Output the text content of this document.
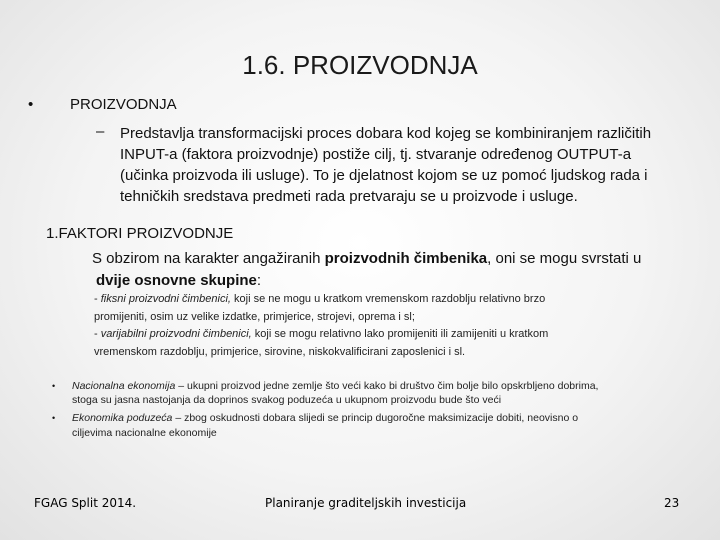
1.6. PROIZVODNJA
• PROIZVODNJA
– Predstavlja transformacijski proces dobara kod kojeg se kombiniranjem različitih
INPUT-a (faktora proizvodnje) postiže cilj, tj. stvaranje određenog OUTPUT-a
(učinka proizvoda ili usluge). To je djelatnost kojom se uz pomoć ljudskog rada i
tehničkih sredstava predmeti rada pretvaraju se u proizvode i usluge.
1.FAKTORI PROIZVODNJE
S obzirom na karakter angažiranih proizvodnih čimbenika, oni se mogu svrstati u
dvije osnovne skupine:
- fiksni proizvodni čimbenici, koji se ne mogu u kratkom vremenskom razdoblju relativno brzo
promijeniti, osim uz velike izdatke, primjerice, strojevi, oprema i sl;
- varijabilni proizvodni čimbenici, koji se mogu relativno lako promijeniti ili zamijeniti u kratkom
vremenskom razdoblju, primjerice, sirovine, niskokvalificirani zaposlenici i sl.
• Nacionalna ekonomija – ukupni proizvod jedne zemlje što veći kako bi društvo čim bolje bilo opskrbljeno dobrima,
stoga su jasna nastojanja da doprinos svakog poduzeća u ukupnom proizvodu bude što veći
• Ekonomika poduzeća – zbog oskudnosti dobara slijedi se princip dugoročne maksimizacije dobiti, neovisno o
ciljevima nacionalne ekonomije
FGAG Split 2014.	Planiranje graditeljskih investicija	23
